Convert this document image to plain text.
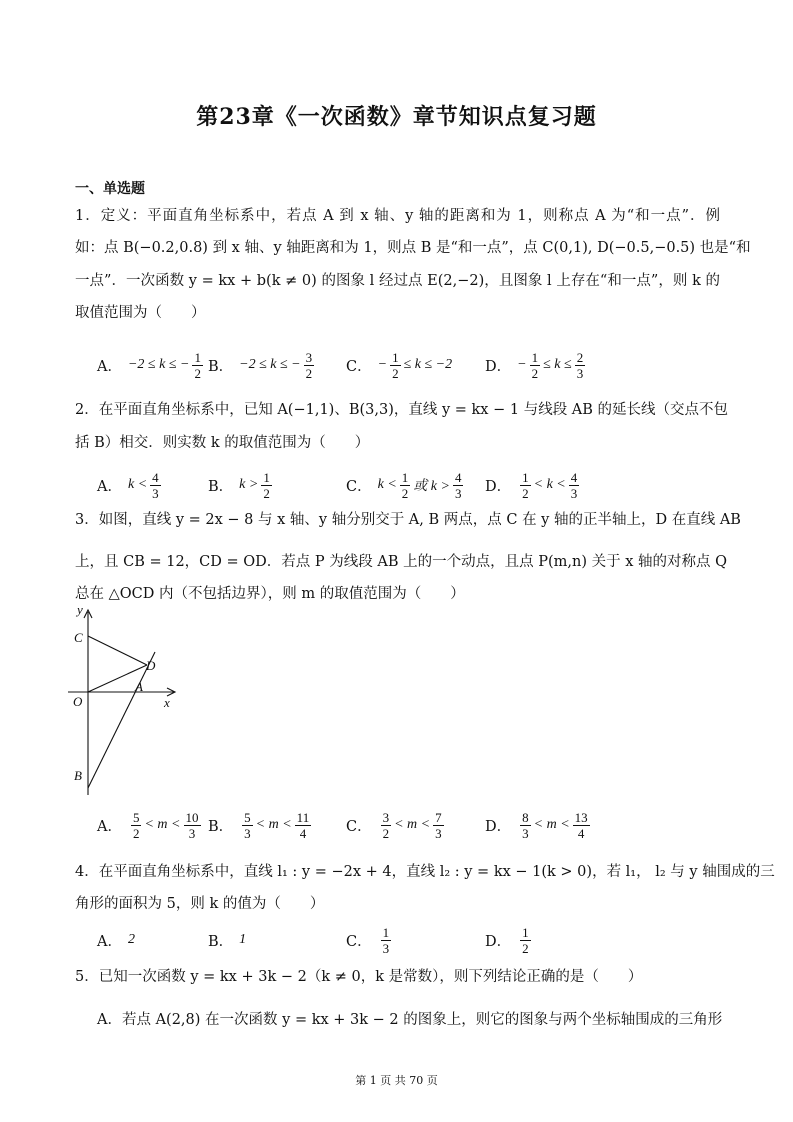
第23章《一次函数》章节知识点复习题
一、单选题
1．定义：平面直角坐标系中，若点 A 到 x 轴、y 轴的距离和为 1，则称点 A 为“和一点”．例
如：点 B(−0.2,0.8) 到 x 轴、y 轴距离和为 1，则点 B 是“和一点”，点 C(0,1), D(−0.5,−0.5) 也是“和
一点”．一次函数 y = kx + b(k ≠ 0) 的图象 l 经过点 E(2,−2)，且图象 l 上存在“和一点”，则 k 的
取值范围为（　　）
A． −2 ≤ k ≤ − $\frac{1}{2}$ B． −2 ≤ k ≤ − $\frac{3}{2}$ C． − $\frac{1}{2} \le k \le -2$ D． − $\frac{1}{2} \le k \le \frac{2}{3}$
2．在平面直角坐标系中，已知 A(−1,1)、B(3,3)，直线 y = kx − 1 与线段 AB 的延长线（交点不包
括 B）相交．则实数 k 的取值范围为（　　）
A． $k < \frac{4}{3}$	B． $k > \frac{1}{2}$	C． $k < \frac{1}{2}$ 或 $k > \frac{4}{3}$ D． $\frac{1}{2} < k < \frac{4}{3}$
3．如图，直线 y = 2x − 8 与 x 轴、y 轴分别交于 A, B 两点，点 C 在 y 轴的正半轴上，D 在直线 AB
上，且 CB = 12，CD = OD．若点 P 为线段 AB 上的一个动点，且点 P(m,n) 关于 x 轴的对称点 Q
总在 △OCD 内（不包括边界），则 m 的取值范围为（　　）
y
x
O
A
B
C
D
A． $\frac{5}{2} < m < \frac{10}{3}$ B． $\frac{5}{3} < m < \frac{11}{4}$ C． $\frac{3}{2} < m < \frac{7}{3}$	D． $\frac{8}{3} < m < \frac{13}{4}$
4．在平面直角坐标系中，直线 l₁ : y = −2x + 4，直线 l₂ : y = kx − 1(k > 0)，若 l₁， l₂ 与 y 轴围成的三
角形的面积为 5，则 k 的值为（　　）
A． 2	B． 1	C． $\frac{1}{3}$	D． $\frac{1}{2}$
5．已知一次函数 y = kx + 3k − 2（k ≠ 0，k 是常数），则下列结论正确的是（　　）
A．若点 A(2,8) 在一次函数 y = kx + 3k − 2 的图象上，则它的图象与两个坐标轴围成的三角形
第 1 页 共 70 页
